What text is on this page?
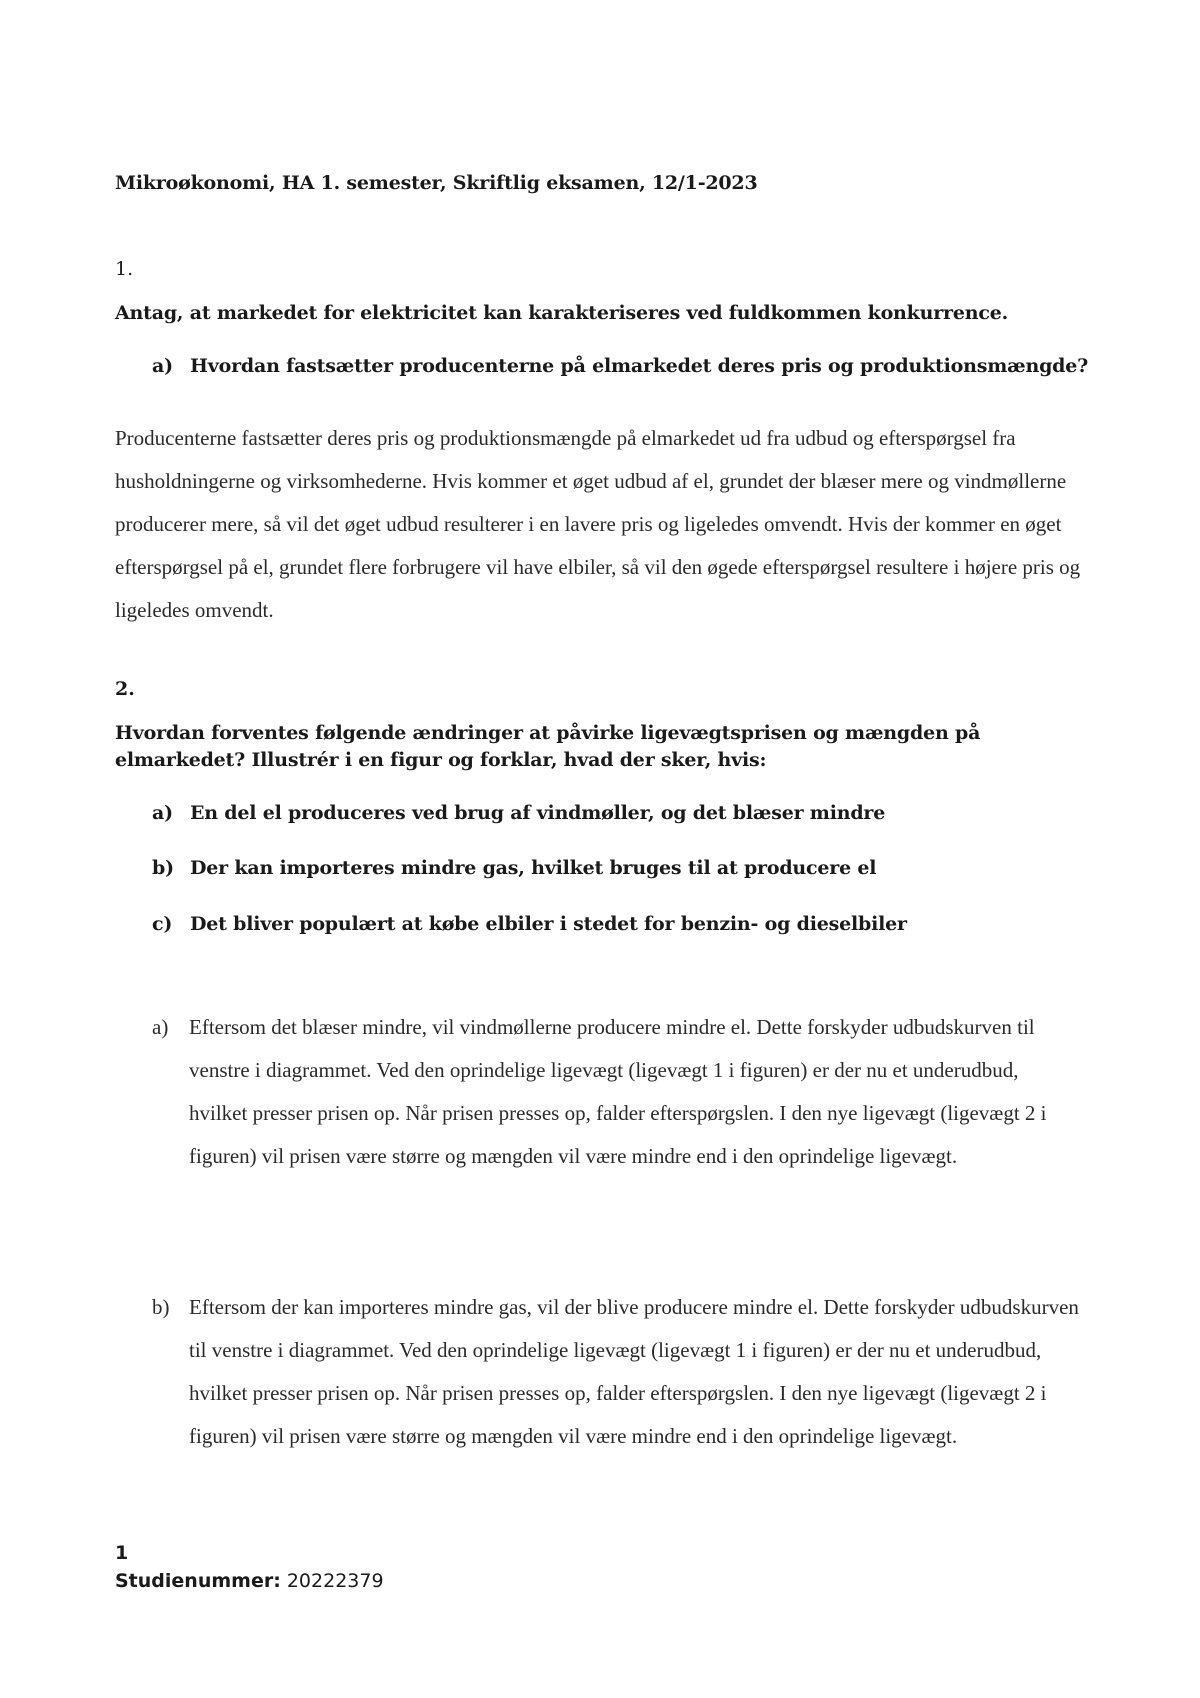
Mikroøkonomi, HA 1. semester, Skriftlig eksamen, 12/1-2023
1.
Antag, at markedet for elektricitet kan karakteriseres ved fuldkommen konkurrence.
a) Hvordan fastsætter producenterne på elmarkedet deres pris og produktionsmængde?
Producenterne fastsætter deres pris og produktionsmængde på elmarkedet ud fra udbud og efterspørgsel fra husholdningerne og virksomhederne. Hvis kommer et øget udbud af el, grundet der blæser mere og vindmøllerne producerer mere, så vil det øget udbud resulterer i en lavere pris og ligeledes omvendt. Hvis der kommer en øget efterspørgsel på el, grundet flere forbrugere vil have elbiler, så vil den øgede efterspørgsel resultere i højere pris og ligeledes omvendt.
2.
Hvordan forventes følgende ændringer at påvirke ligevægtsprisen og mængden på elmarkedet? Illustrér i en figur og forklar, hvad der sker, hvis:
a) En del el produceres ved brug af vindmøller, og det blæser mindre
b) Der kan importeres mindre gas, hvilket bruges til at producere el
c) Det bliver populært at købe elbiler i stedet for benzin- og dieselbiler
a) Eftersom det blæser mindre, vil vindmøllerne producere mindre el. Dette forskyder udbudskurven til venstre i diagrammet. Ved den oprindelige ligevægt (ligevægt 1 i figuren) er der nu et underudbud, hvilket presser prisen op. Når prisen presses op, falder efterspørgslen. I den nye ligevægt (ligevægt 2 i figuren) vil prisen være større og mængden vil være mindre end i den oprindelige ligevægt.
b) Eftersom der kan importeres mindre gas, vil der blive producere mindre el. Dette forskyder udbudskurven til venstre i diagrammet. Ved den oprindelige ligevægt (ligevægt 1 i figuren) er der nu et underudbud, hvilket presser prisen op. Når prisen presses op, falder efterspørgslen. I den nye ligevægt (ligevægt 2 i figuren) vil prisen være større og mængden vil være mindre end i den oprindelige ligevægt.
1
Studienummer: 20222379
